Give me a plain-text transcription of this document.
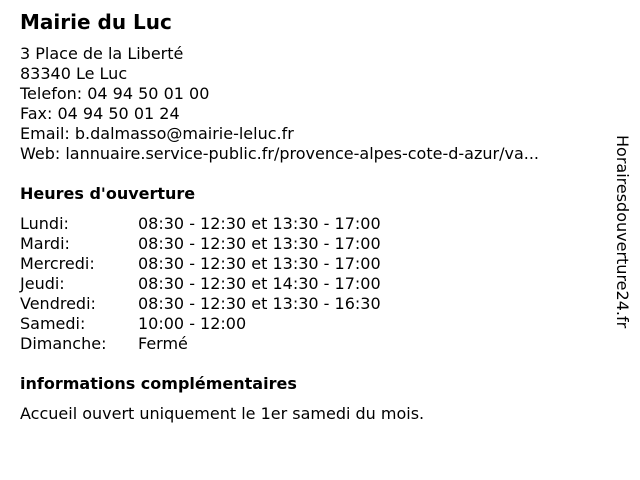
Mairie du Luc
3 Place de la Liberté
83340 Le Luc
Telefon: 04 94 50 01 00
Fax: 04 94 50 01 24
Email: b.dalmasso@mairie-leluc.fr
Web: lannuaire.service-public.fr/provence-alpes-cote-d-azur/va...
Heures d'ouverture
Lundi:	08:30 - 12:30 et 13:30 - 17:00
Mardi:	08:30 - 12:30 et 13:30 - 17:00
Mercredi:	08:30 - 12:30 et 13:30 - 17:00
Jeudi:	08:30 - 12:30 et 14:30 - 17:00
Vendredi:	08:30 - 12:30 et 13:30 - 16:30
Samedi:	10:00 - 12:00
Dimanche: Fermé
informations complémentaires
Accueil ouvert uniquement le 1er samedi du mois.
Horairesdouverture24.fr
